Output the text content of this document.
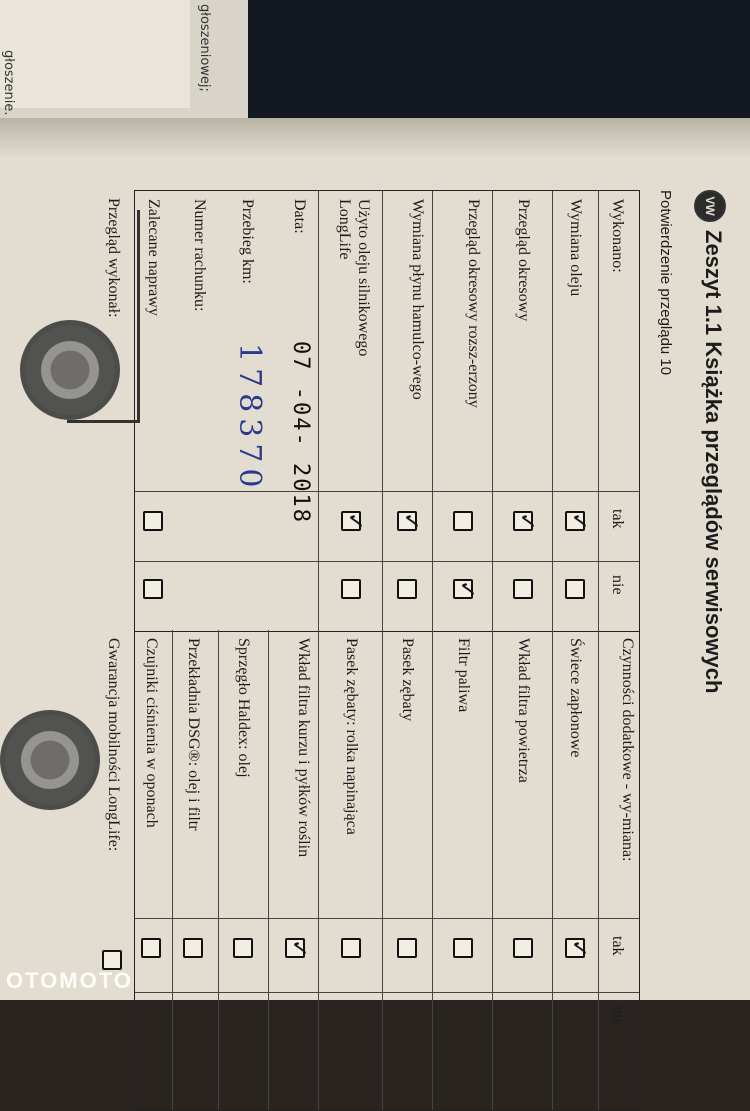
głoszeniowej;
głoszenie.
VW
Zeszyt 1.1 Książka przeglądów serwisowych
Potwierdzenie przeglądu 10
Wykonano:
tak
nie
Wymiana oleju
✓
Przegląd okresowy
✓
Przegląd okresowy rozsz-erzony
✓
Wymiana płynu hamulco-wego
✓
Użyto oleju silnikowego LongLife
✓
Data:
07 -04- 2018
Przebieg km:
178370
Numer rachunku:
Zalecane naprawy
Przegląd wykonał:
Czynności dodatkowe - wy-miana:
tak
nie
Świece zapłonowe
✓
Wkład filtra powietrza
Filtr paliwa
Pasek zębaty
Pasek zębaty: rolka napinająca
Wkład filtra kurzu i pyłków roślin
✓
Sprzęgło Haldex: olej
Przekładnia DSG®: olej i filtr
Czujniki ciśnienia w oponach
Gwarancja mobilności LongLife:
OTOMOTO
